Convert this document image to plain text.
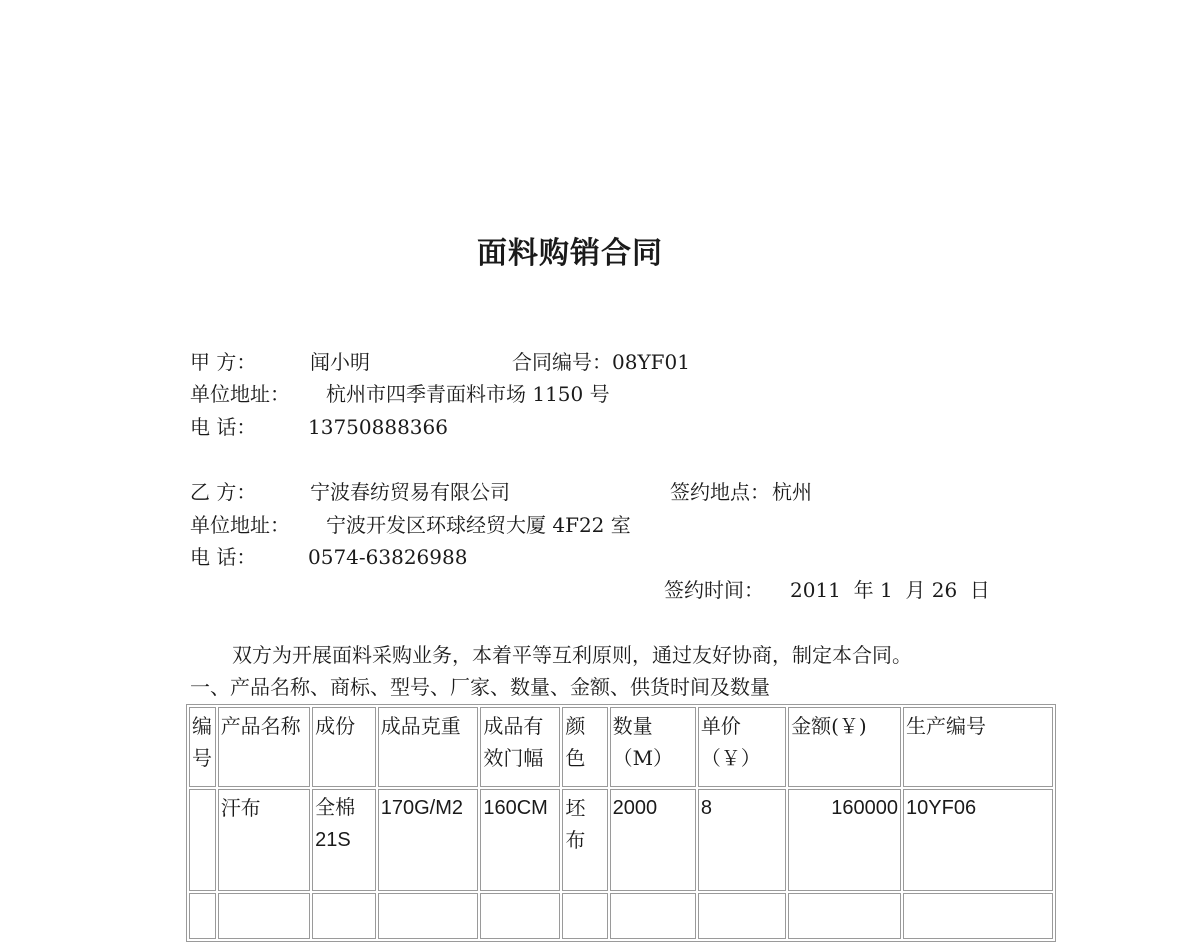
面料购销合同
甲 方：	闻小明	合同编号： 08YF01
单位地址： 杭州市四季青面料市场 1150 号
电 话：	13750888366
乙 方：	宁波春纺贸易有限公司	签约地点： 杭州
单位地址： 宁波开发区环球经贸大厦 4F22 室
电 话：	0574-63826988
签约时间： 2011  年 1  月 26  日
双方为开展面料采购业务，本着平等互利原则，通过友好协商，制定本合同。
一、产品名称、商标、型号、厂家、数量、金额、供货时间及数量
编号	产品名称	成份	成品克重	成品有效门幅	颜色	数量（M）	单价（￥）	金额(￥)	生产编号
	汗布	全棉21S	170G/M2	160CM	坯布	2000	8	160000	10YF06
